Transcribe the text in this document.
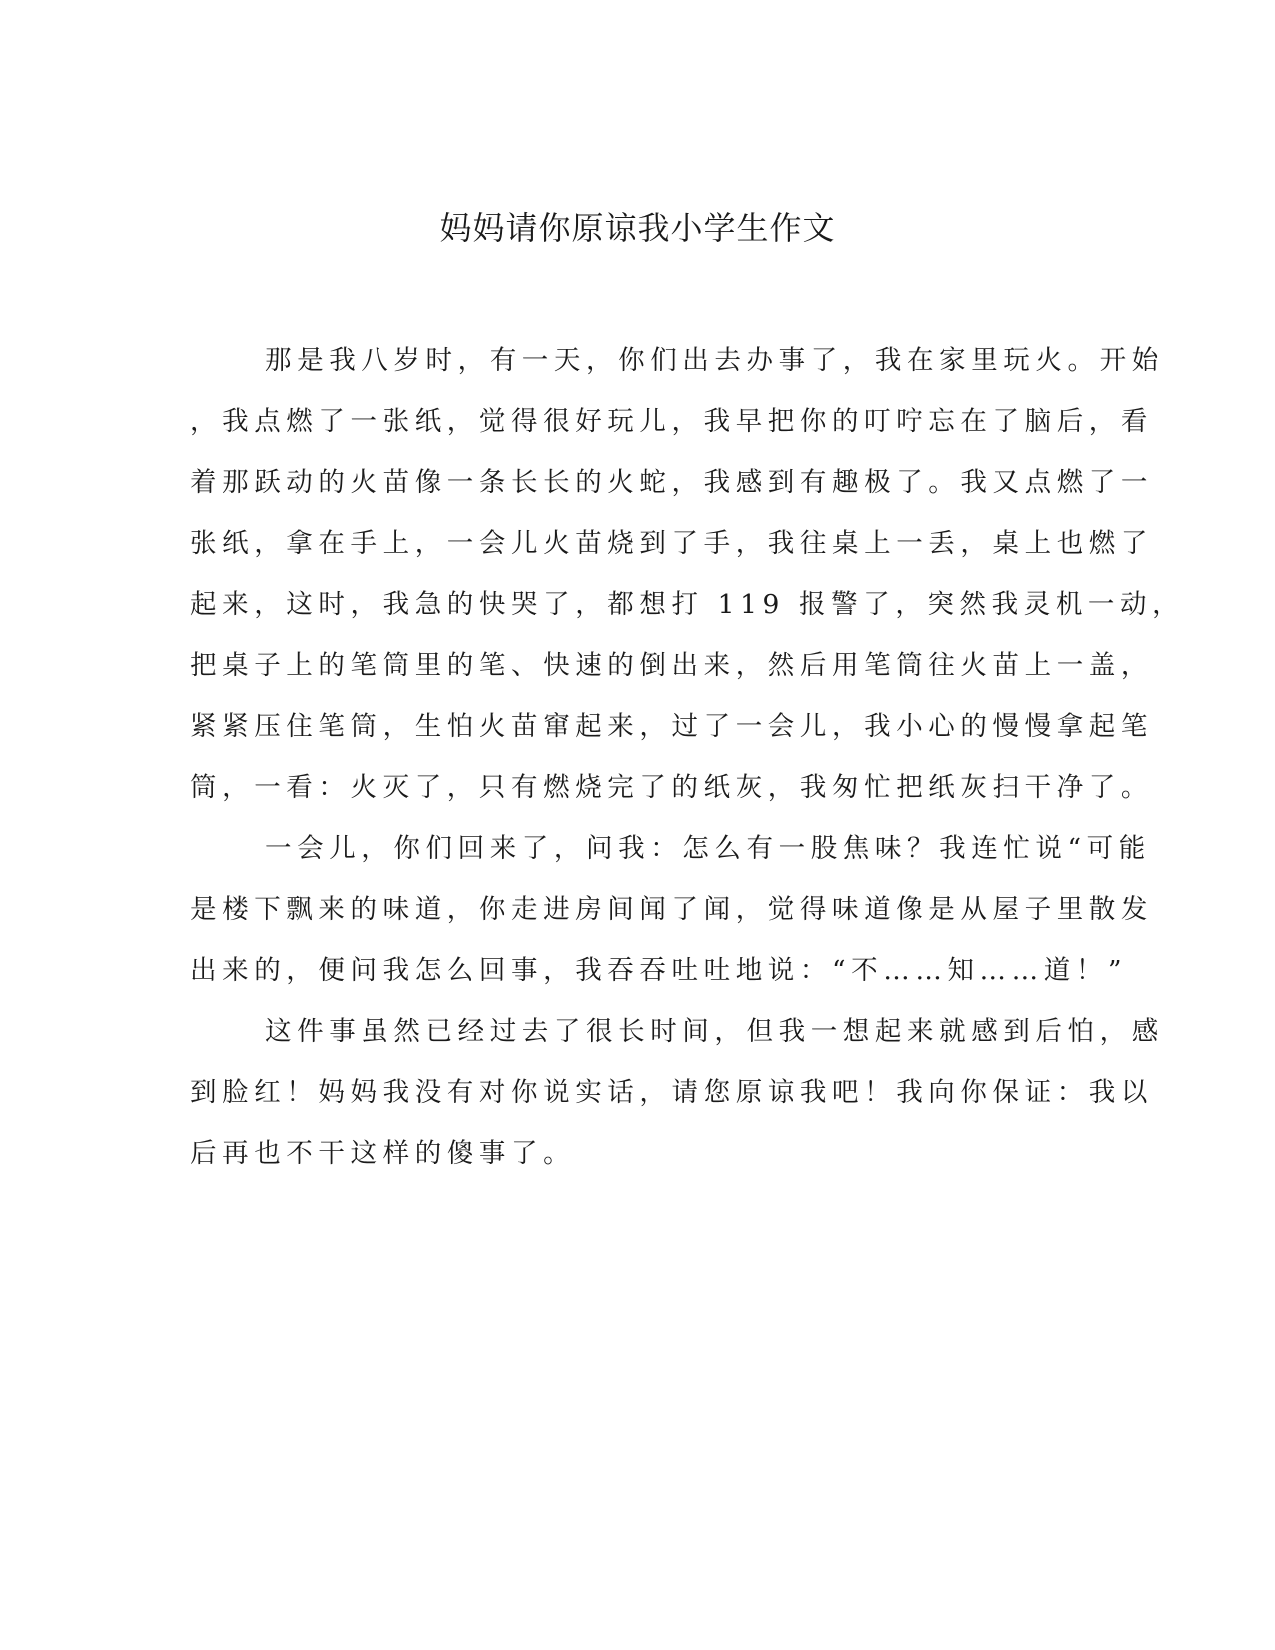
妈妈请你原谅我小学生作文
那是我八岁时，有一天，你们出去办事了，我在家里玩火。开始
，我点燃了一张纸，觉得很好玩儿，我早把你的叮咛忘在了脑后，看
着那跃动的火苗像一条长长的火蛇，我感到有趣极了。我又点燃了一
张纸，拿在手上，一会儿火苗烧到了手，我往桌上一丢，桌上也燃了
起来，这时，我急的快哭了，都想打 119 报警了，突然我灵机一动，
把桌子上的笔筒里的笔、快速的倒出来，然后用笔筒往火苗上一盖，
紧紧压住笔筒，生怕火苗窜起来，过了一会儿，我小心的慢慢拿起笔
筒，一看：火灭了，只有燃烧完了的纸灰，我匆忙把纸灰扫干净了。
一会儿，你们回来了，问我：怎么有一股焦味？我连忙说“可能
是楼下飘来的味道，你走进房间闻了闻，觉得味道像是从屋子里散发
出来的，便问我怎么回事，我吞吞吐吐地说：“不……知……道！”
这件事虽然已经过去了很长时间，但我一想起来就感到后怕，感
到脸红！妈妈我没有对你说实话，请您原谅我吧！我向你保证：我以
后再也不干这样的傻事了。
